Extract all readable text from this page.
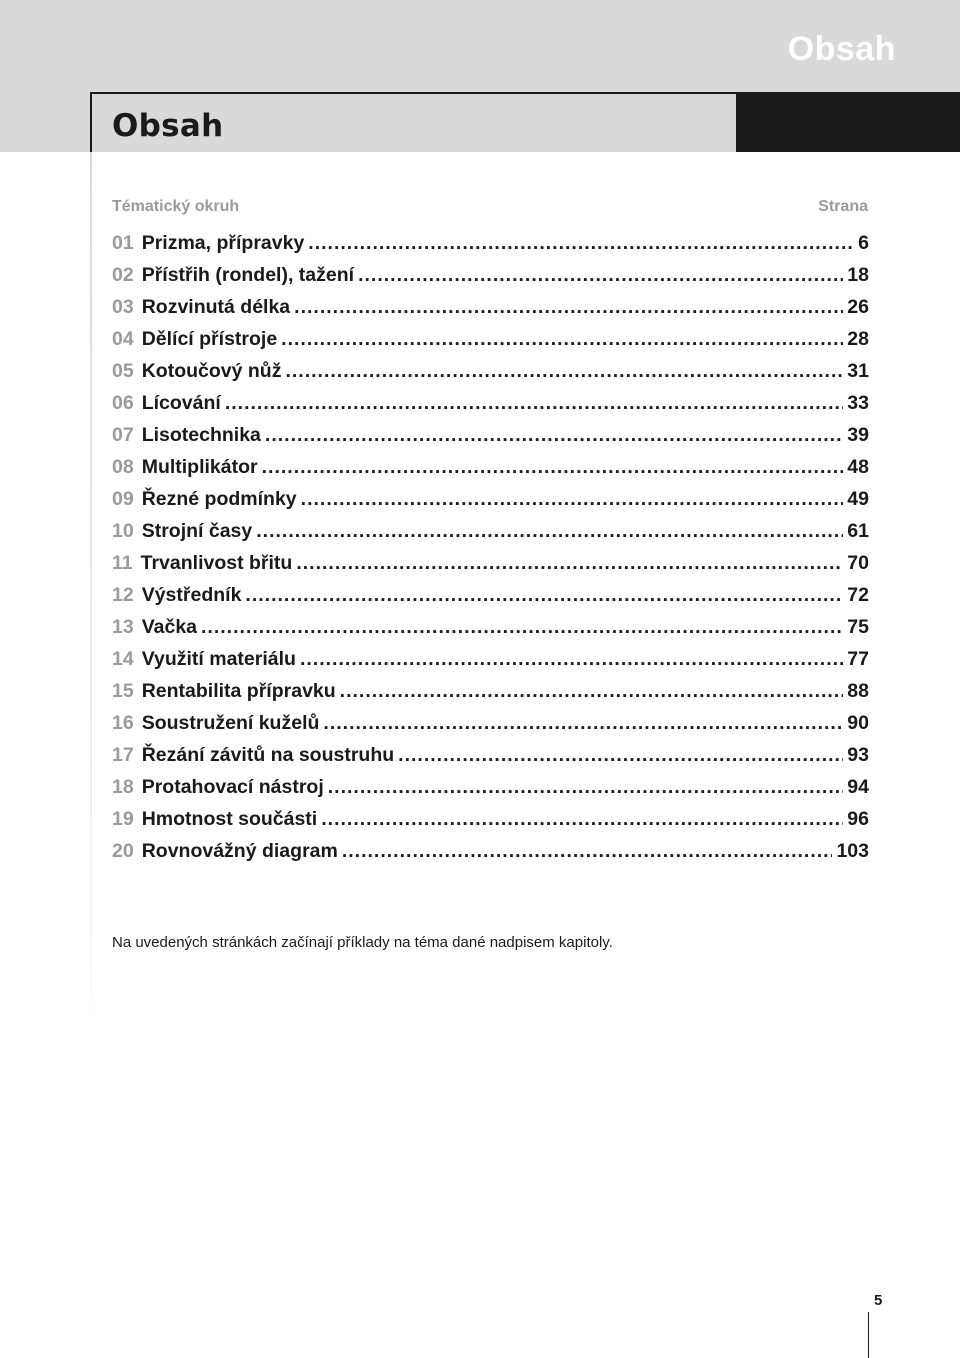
Obsah
Obsah
Tématický okruh	Strana
01 Prizma, přípravky .....	6
02 Přístřih (rondel), tažení .....	18
03 Rozvinutá délka .....	26
04 Dělící přístroje .....	28
05 Kotoučový nůž .....	31
06 Lícování .....	33
07 Lisotechnika .....	39
08 Multiplikátor .....	48
09 Řezné podmínky .....	49
10 Strojní časy .....	61
11 Trvanlivost břitu .....	70
12 Výstředník .....	72
13 Vačka .....	75
14 Využití materiálu .....	77
15 Rentabilita přípravku .....	88
16 Soustružení kuželů .....	90
17 Řezání závitů na soustruhu .....	93
18 Protahovací nástroj .....	94
19 Hmotnost součásti .....	96
20 Rovnovážný diagram .....	103
Na uvedených stránkách začínají příklady na téma dané nadpisem kapitoly.
5
